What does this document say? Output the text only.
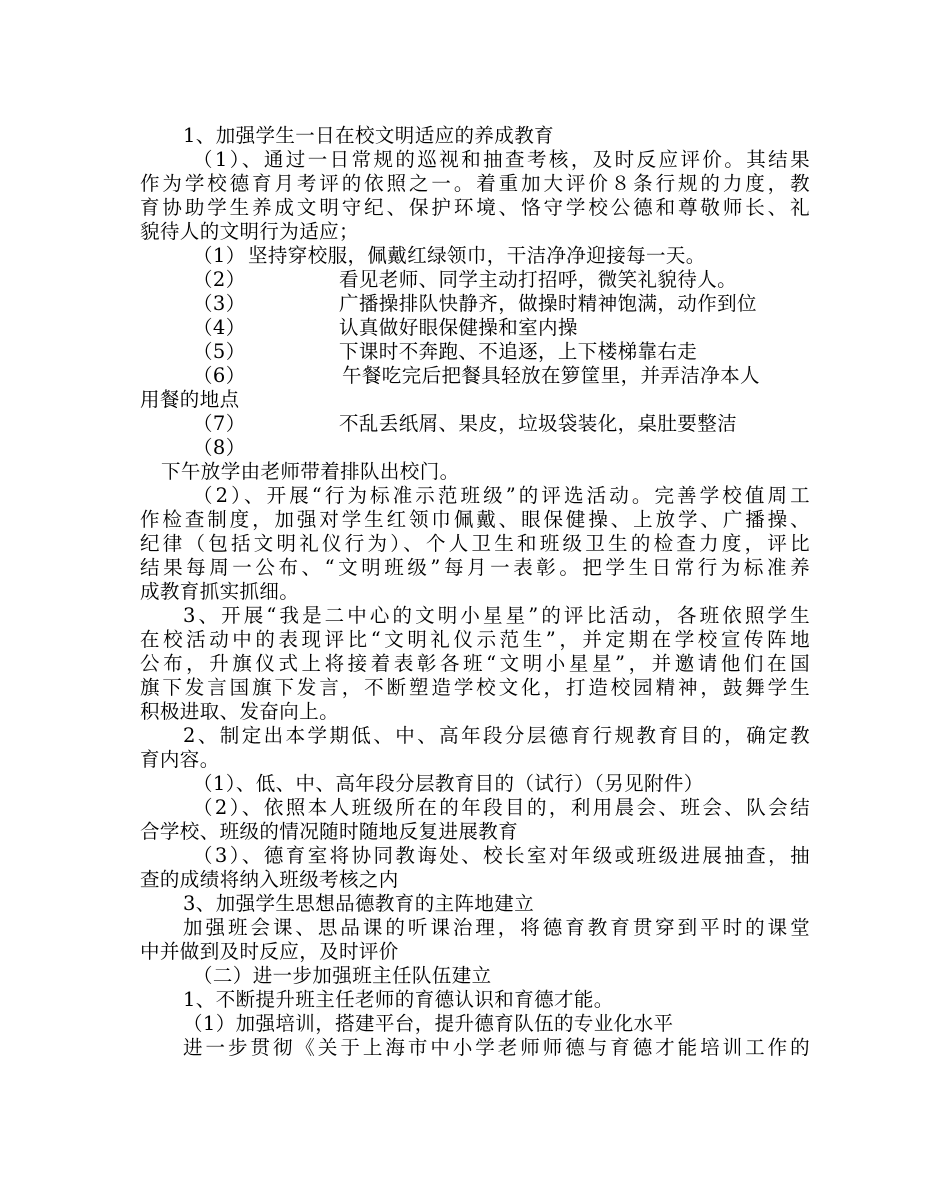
1、加强学生一日在校文明适应的养成教育
（1）、通过一日常规的巡视和抽查考核，及时反应评价。其结果
作为学校德育月考评的依照之一。着重加大评价８条行规的力度，教
育协助学生养成文明守纪、保护环境、恪守学校公德和尊敬师长、礼
貌待人的文明行为适应；
（1） 坚持穿校服，佩戴红绿领巾，干洁净净迎接每一天。
（2）	看见老师、同学主动打招呼，微笑礼貌待人。
（3）	广播操排队快静齐，做操时精神饱满，动作到位
（4）	认真做好眼保健操和室内操
（5）	下课时不奔跑、不追逐，上下楼梯靠右走
（6）	午餐吃完后把餐具轻放在箩筐里，并弄洁净本人
用餐的地点
（7）	不乱丢纸屑、果皮，垃圾袋装化，桌肚要整洁
（8）
下午放学由老师带着排队出校门。
（2）、开展“行为标准示范班级”的评选活动。完善学校值周工
作检查制度，加强对学生红领巾佩戴、眼保健操、上放学、广播操、
纪律（包括文明礼仪行为）、个人卫生和班级卫生的检查力度，评比
结果每周一公布、“文明班级”每月一表彰。把学生日常行为标准养
成教育抓实抓细。
3、开展“我是二中心的文明小星星”的评比活动，各班依照学生
在校活动中的表现评比“文明礼仪示范生”，并定期在学校宣传阵地
公布，升旗仪式上将接着表彰各班“文明小星星”，并邀请他们在国
旗下发言国旗下发言，不断塑造学校文化，打造校园精神，鼓舞学生
积极进取、发奋向上。
2、制定出本学期低、中、高年段分层德育行规教育目的，确定教
育内容。
（1）、低、中、高年段分层教育目的（试行）（另见附件）
（2）、依照本人班级所在的年段目的，利用晨会、班会、队会结
合学校、班级的情况随时随地反复进展教育
（3）、德育室将协同教诲处、校长室对年级或班级进展抽查，抽
查的成绩将纳入班级考核之内
3、加强学生思想品德教育的主阵地建立
加强班会课、思品课的听课治理，将德育教育贯穿到平时的课堂
中并做到及时反应，及时评价
（二）进一步加强班主任队伍建立
1、不断提升班主任老师的育德认识和育德才能。
（1）加强培训，搭建平台，提升德育队伍的专业化水平
进一步贯彻《关于上海市中小学老师师德与育德才能培训工作的
